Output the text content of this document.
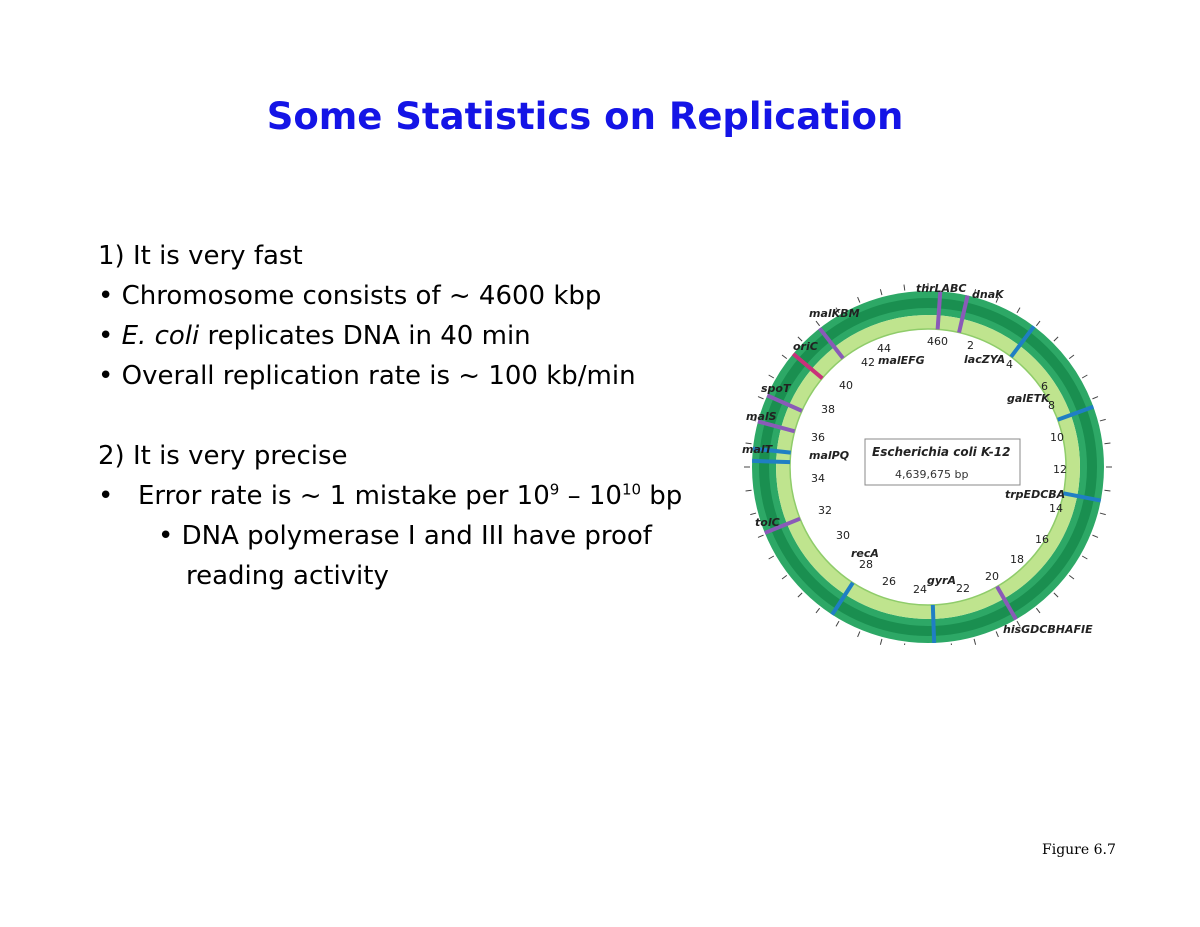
Some Statistics on Replication
1) It is very fast
• Chromosome consists of ~ 4600 kbp
• E. coli replicates DNA in 40 min
• Overall replication rate is ~ 100 kb/min
2) It is very precise
• Error rate is ~ 1 mistake per $10^9 - 10^{10}$ bp
• DNA polymerase I and III have proof
reading activity
460 2
4
6
8
10
12
14
16
18
20
22
24
26
28
30
32
34
36
38
40
42
44
thrLABC dnaK
malKBM
oriC
malEFG	lacZYA
spoT
galETK
malS
malT	malPQ
trpEDCBA
tolC
recA
gyrA
hisGDCBHAFIE
Escherichia coli K-12
4,639,675 bp
Figure 6.7
